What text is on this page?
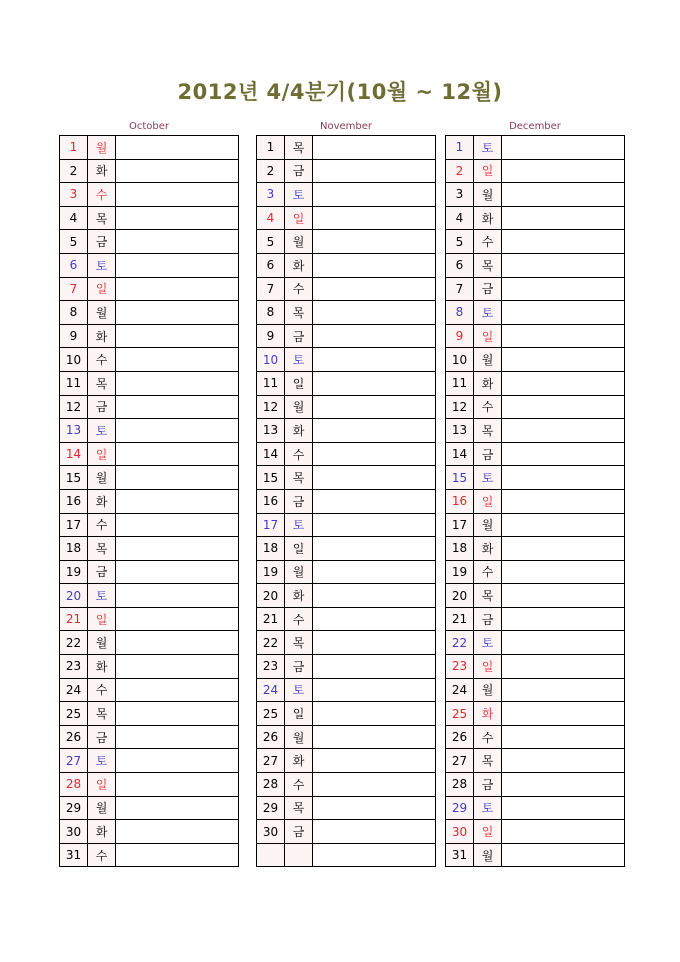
2012년 4/4분기(10월 ~ 12월)
October
1	월	
2	화	
3	수	
4	목	
5	금	
6	토	
7	일	
8	월	
9	화	
10	수	
11	목	
12	금	
13	토	
14	일	
15	월	
16	화	
17	수	
18	목	
19	금	
20	토	
21	일	
22	월	
23	화	
24	수	
25	목	
26	금	
27	토	
28	일	
29	월	
30	화	
31	수	
November
1	목	
2	금	
3	토	
4	일	
5	월	
6	화	
7	수	
8	목	
9	금	
10	토	
11	일	
12	월	
13	화	
14	수	
15	목	
16	금	
17	토	
18	일	
19	월	
20	화	
21	수	
22	목	
23	금	
24	토	
25	일	
26	월	
27	화	
28	수	
29	목	
30	금	

December
1	토	
2	일	
3	월	
4	화	
5	수	
6	목	
7	금	
8	토	
9	일	
10	월	
11	화	
12	수	
13	목	
14	금	
15	토	
16	일	
17	월	
18	화	
19	수	
20	목	
21	금	
22	토	
23	일	
24	월	
25	화	
26	수	
27	목	
28	금	
29	토	
30	일	
31	월	
